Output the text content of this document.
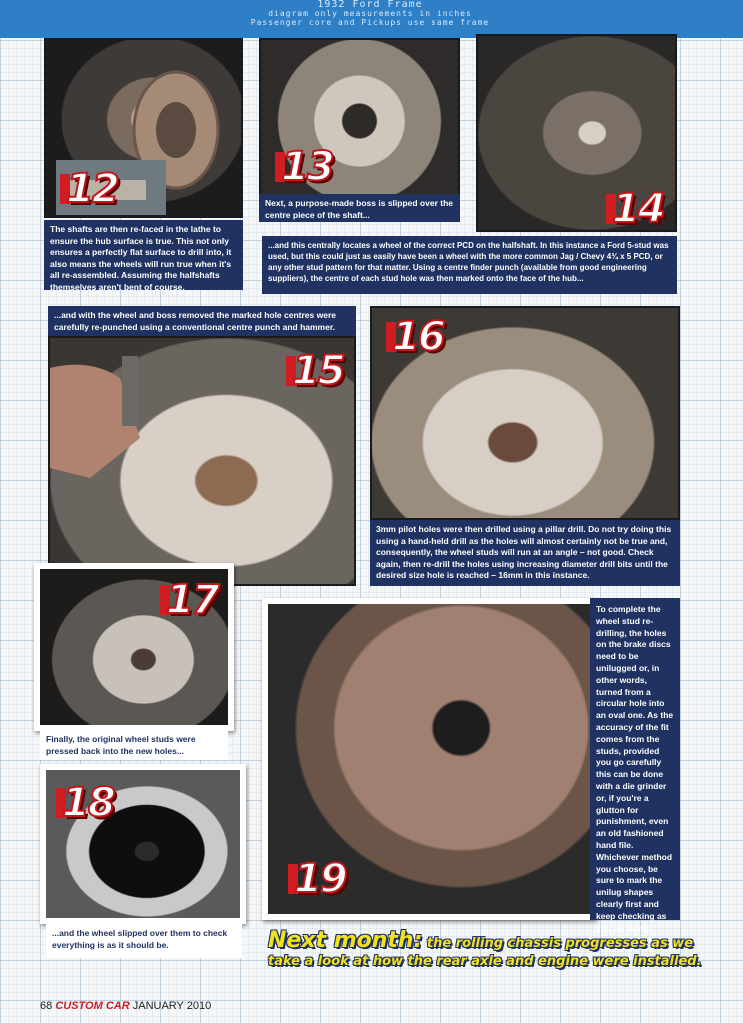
1932 Ford Frame
diagram only measurements in inches
Passenger core and Pickups use same frame
12
The shafts are then re-faced in the lathe to ensure the hub surface is true. This not only ensures a perfectly flat surface to drill into, it also means the wheels will run true when it's all re-assembled. Assuming the halfshafts themselves aren't bent of course.
13
Next, a purpose-made boss is slipped over the centre piece of the shaft...	14
...and this centrally locates a wheel of the correct PCD on the halfshaft. In this instance a Ford 5-stud was used, but this could just as easily have been a wheel with the more common Jag / Chevy 4¾ x 5 PCD, or any other stud pattern for that matter. Using a centre finder punch (available from good engineering suppliers), the centre of each stud hole was then marked onto the face of the hub...
...and with the wheel and boss removed the marked hole centres were carefully re-punched using a conventional centre punch and hammer.
15
16
3mm pilot holes were then drilled using a pillar drill. Do not try doing this using a hand-held drill as the holes will almost certainly not be true and, consequently, the wheel studs will run at an angle – not good. Check again, then re-drill the holes using increasing diameter drill bits until the desired size hole is reached – 16mm in this instance.
17
Finally, the original wheel studs were pressed back into the new holes...
18
...and the wheel slipped over them to check everything is as it should be.
19
To complete the wheel stud re-drilling, the holes on the brake discs need to be unilugged or, in other words, turned from a circular hole into an oval one. As the accuracy of the fit comes from the studs, provided you go carefully this can be done with a die grinder or, if you're a glutton for punishment, even an old fashioned hand file. Whichever method you choose, be sure to mark the unilug shapes clearly first and keep checking as you go along.
Next month: the rolling chassis progresses as we
take a look at how the rear axle and engine were installed.
68 CUSTOM CAR JANUARY 2010
